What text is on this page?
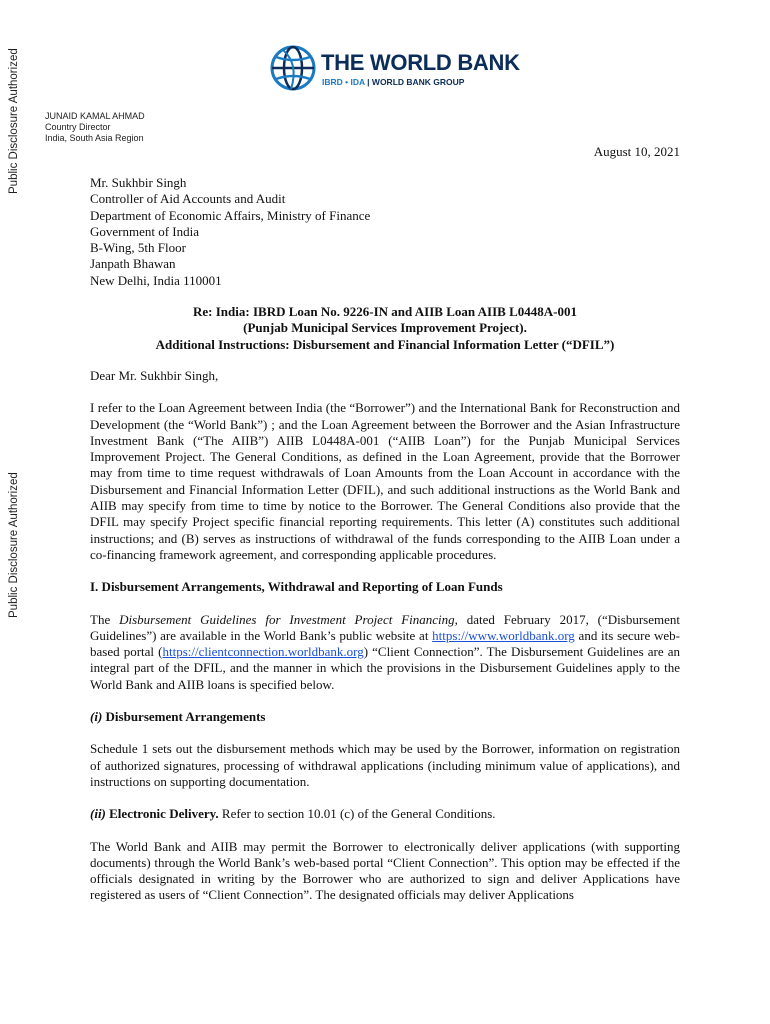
Public Disclosure Authorized
Public Disclosure Authorized
THE WORLD BANK
IBRD • IDA | WORLD BANK GROUP
JUNAID KAMAL AHMAD
Country Director
India, South Asia Region
August 10, 2021
Mr. Sukhbir Singh
Controller of Aid Accounts and Audit
Department of Economic Affairs, Ministry of Finance
Government of India
B-Wing, 5th Floor
Janpath Bhawan
New Delhi, India 110001
Re: India: IBRD Loan No. 9226-IN and AIIB Loan AIIB L0448A-001
(Punjab Municipal Services Improvement Project).
Additional Instructions: Disbursement and Financial Information Letter (“DFIL”)
Dear Mr. Sukhbir Singh,

I refer to the Loan Agreement between India (the “Borrower”) and the International Bank for Reconstruction and Development (the “World Bank”) ; and the Loan Agreement between the Borrower and the Asian Infrastructure Investment Bank (“The AIIB”) AIIB L0448A-001 (“AIIB Loan”) for the Punjab Municipal Services Improvement Project. The General Conditions, as defined in the Loan Agreement, provide that the Borrower may from time to time request withdrawals of Loan Amounts from the Loan Account in accordance with the Disbursement and Financial Information Letter (DFIL), and such additional instructions as the World Bank and AIIB may specify from time to time by notice to the Borrower. The General Conditions also provide that the DFIL may specify Project specific financial reporting requirements. This letter (A) constitutes such additional instructions; and (B) serves as instructions of withdrawal of the funds corresponding to the AIIB Loan under a co-financing framework agreement, and corresponding applicable procedures.

I. Disbursement Arrangements, Withdrawal and Reporting of Loan Funds

The Disbursement Guidelines for Investment Project Financing, dated February 2017, (“Disbursement Guidelines”) are available in the World Bank’s public website at https://www.worldbank.org and its secure web-based portal (https://clientconnection.worldbank.org) “Client Connection”. The Disbursement Guidelines are an integral part of the DFIL, and the manner in which the provisions in the Disbursement Guidelines apply to the World Bank and AIIB loans is specified below.

(i) Disbursement Arrangements

Schedule 1 sets out the disbursement methods which may be used by the Borrower, information on registration of authorized signatures, processing of withdrawal applications (including minimum value of applications), and instructions on supporting documentation.

(ii) Electronic Delivery. Refer to section 10.01 (c) of the General Conditions.

The World Bank and AIIB may permit the Borrower to electronically deliver applications (with supporting documents) through the World Bank’s web-based portal “Client Connection”. This option may be effected if the officials designated in writing by the Borrower who are authorized to sign and deliver Applications have registered as users of “Client Connection”. The designated officials may deliver Applications
